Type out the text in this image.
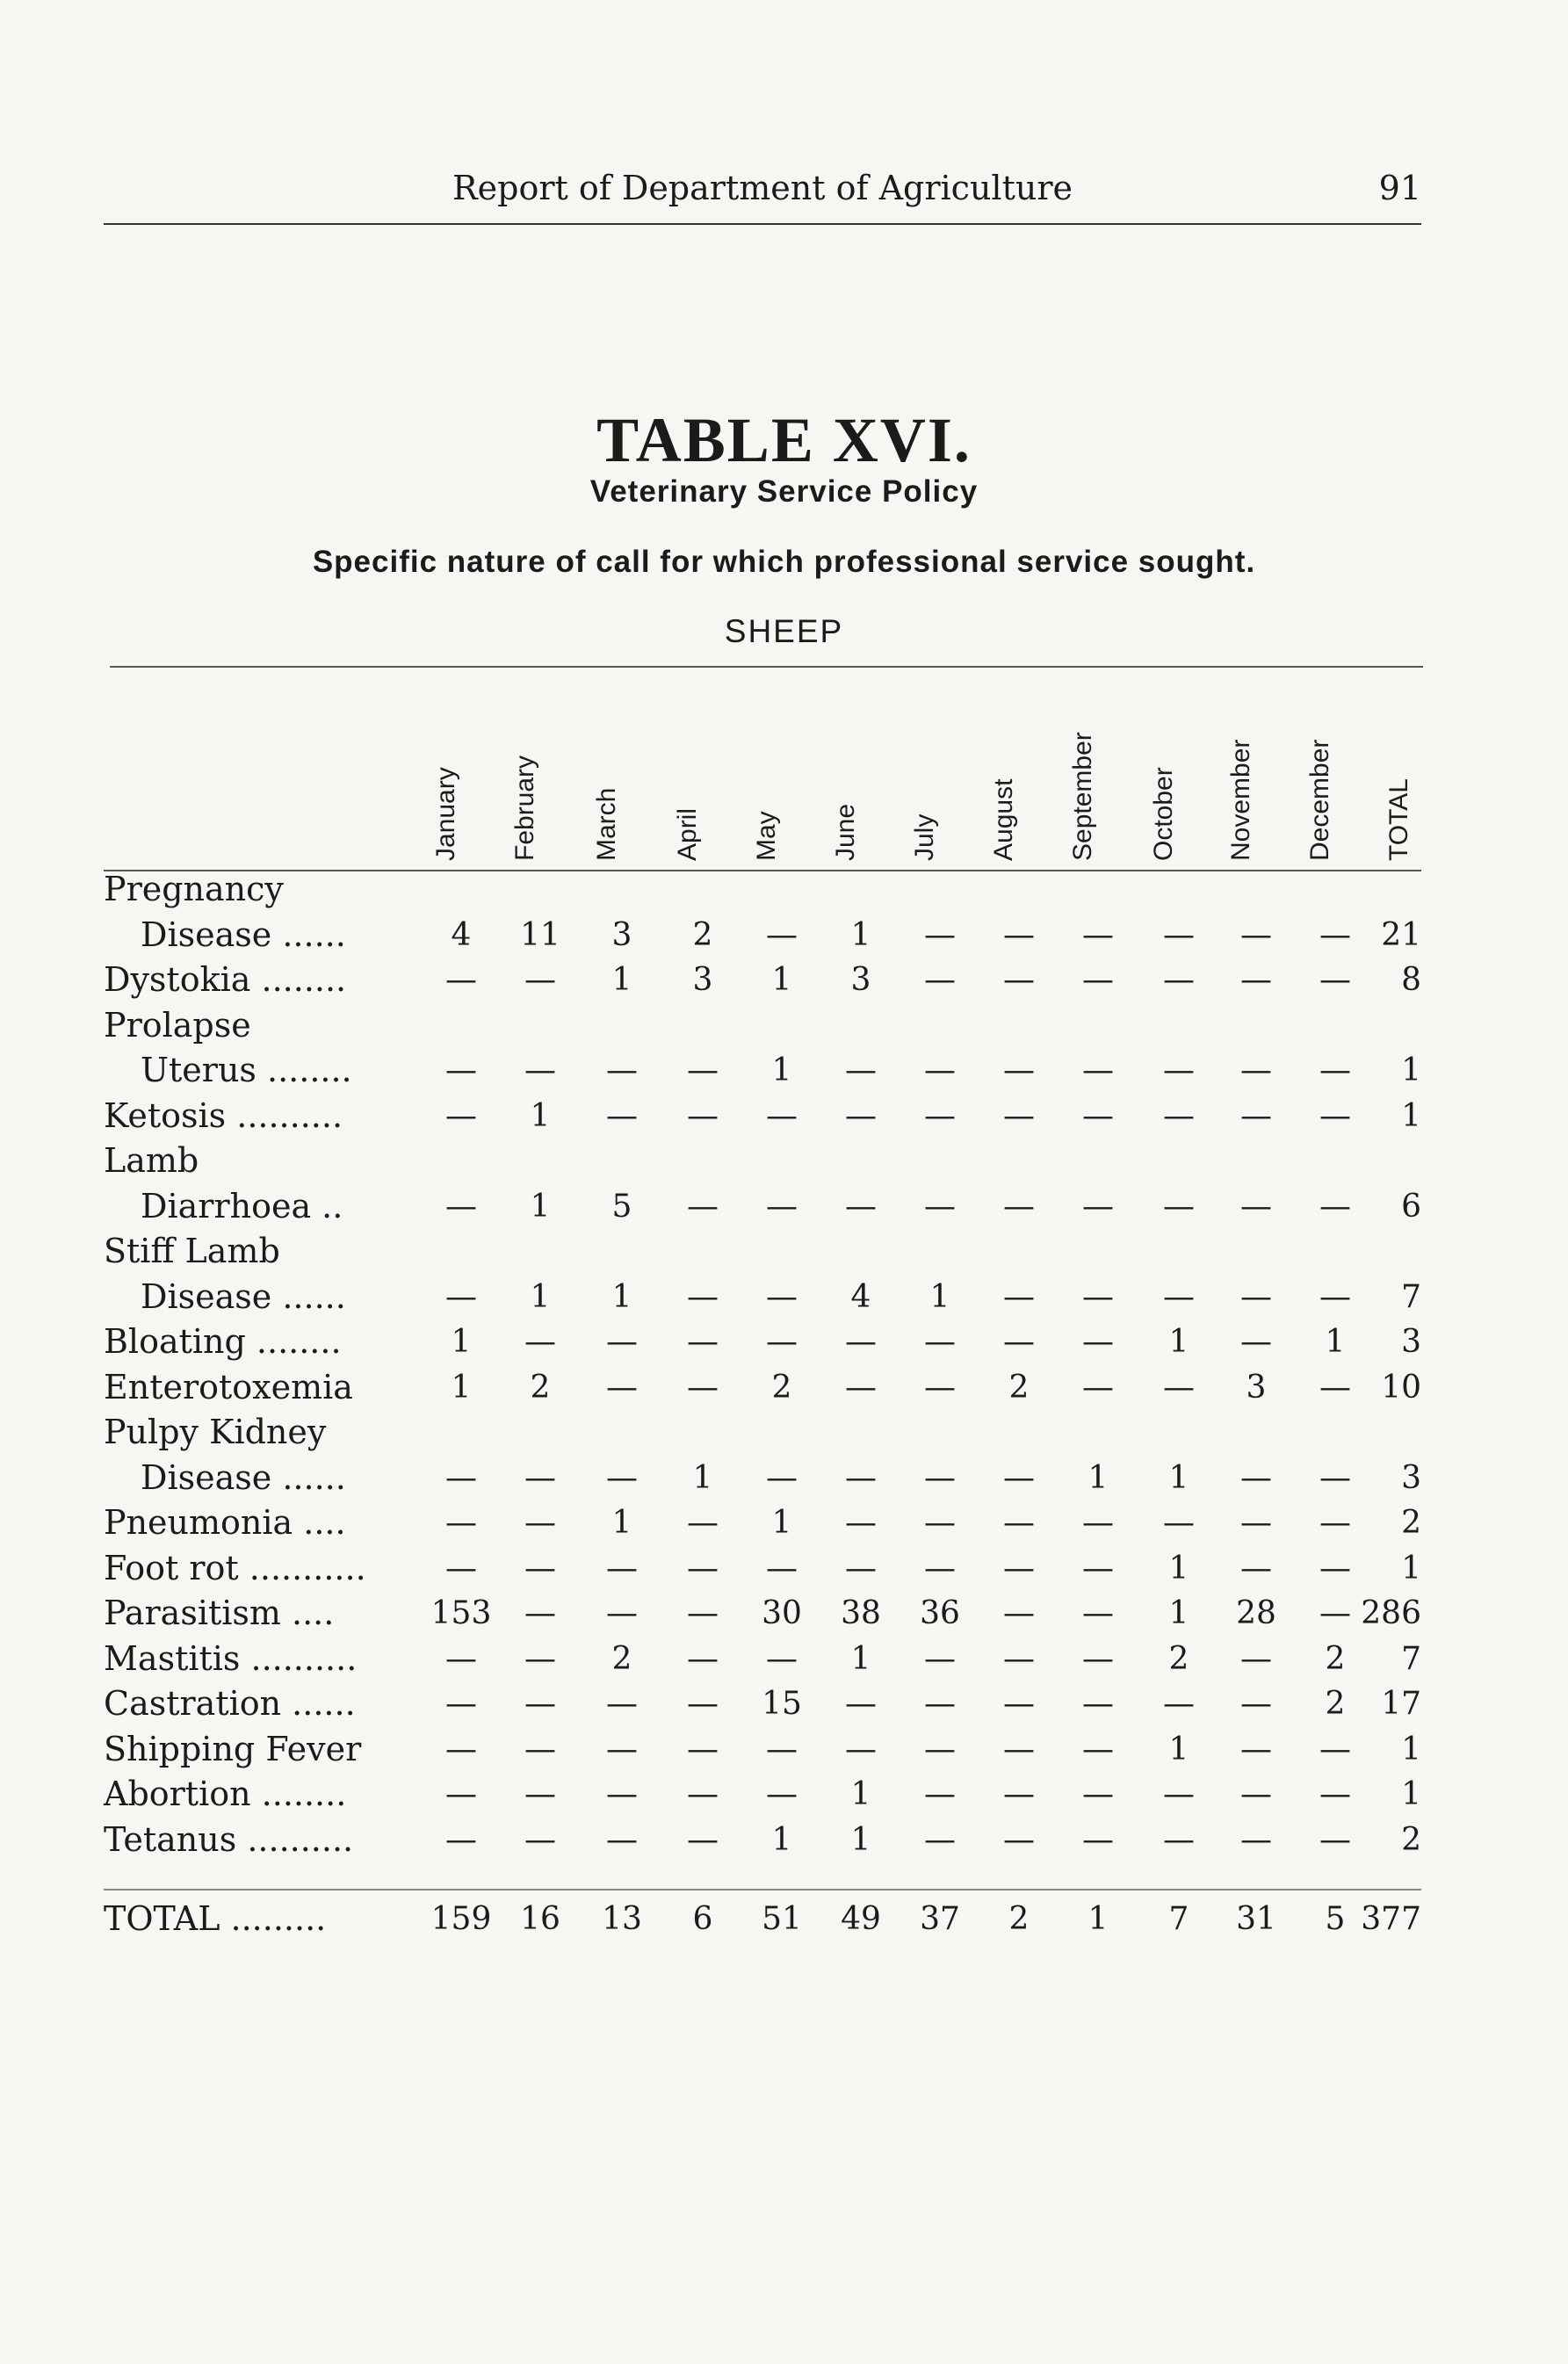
Report of Department of Agriculture	91
TABLE XVI.
Veterinary Service Policy
Specific nature of call for which professional service sought.
SHEEP
January February March April May June July August September October November December TOTAL
Pregnancy
Disease ......	4	11	3	2	—	1	—	—	—	—	—	— 21
Dystokia ........	—	—	1	3	1	3	—	—	—	—	—	—	8
Prolapse
Uterus ........	—	—	—	—	1	—	—	—	—	—	—	—	1
Ketosis ..........	—	1	—	—	—	—	—	—	—	—	—	—	1
Lamb
Diarrhoea ..	—	1	5	—	—	—	—	—	—	—	—	—	6
Stiff Lamb
Disease ......	—	1	1	—	—	4	1	—	—	—	—	—	7
Bloating ........	1	—	—	—	—	—	—	—	—	1	—	1	3
Enterotoxemia	1	2	—	—	2	—	—	2	—	—	3	— 10
Pulpy Kidney
Disease ......	—	—	—	1	—	—	—	—	1	1	—	—	3
Pneumonia ....	—	—	1	—	1	—	—	—	—	—	—	—	2
Foot rot ...........	—	—	—	—	—	—	—	—	—	1	—	—	1
Parasitism ....	153	—	—	—	30	38	36	—	—	1	28	— 286
Mastitis ..........	—	—	2	—	—	1	—	—	—	2	—	2	7
Castration ......	—	—	—	—	15	—	—	—	—	—	—	2	17
Shipping Fever	—	—	—	—	—	—	—	—	—	1	—	—	1
Abortion ........	—	—	—	—	—	1	—	—	—	—	—	—	1
Tetanus ..........	—	—	—	—	1	1	—	—	—	—	—	—	2
TOTAL .........	159 16	13	6	51	49	37	2	1	7	31	5 377
